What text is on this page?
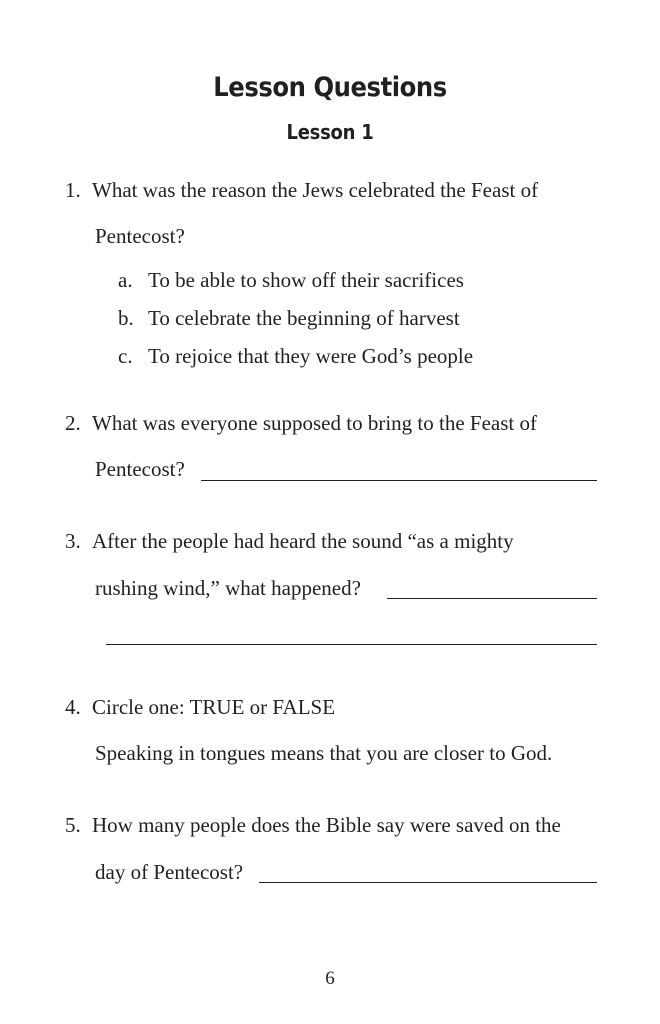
Lesson Questions
Lesson 1
1. What was the reason the Jews celebrated the Feast of
Pentecost?
a. To be able to show off their sacrifices
b. To celebrate the beginning of harvest
c. To rejoice that they were God’s people
2. What was everyone supposed to bring to the Feast of
Pentecost?
3. After the people had heard the sound “as a mighty
rushing wind,” what happened?
4. Circle one: TRUE or FALSE
Speaking in tongues means that you are closer to God.
5. How many people does the Bible say were saved on the
day of Pentecost?
6
